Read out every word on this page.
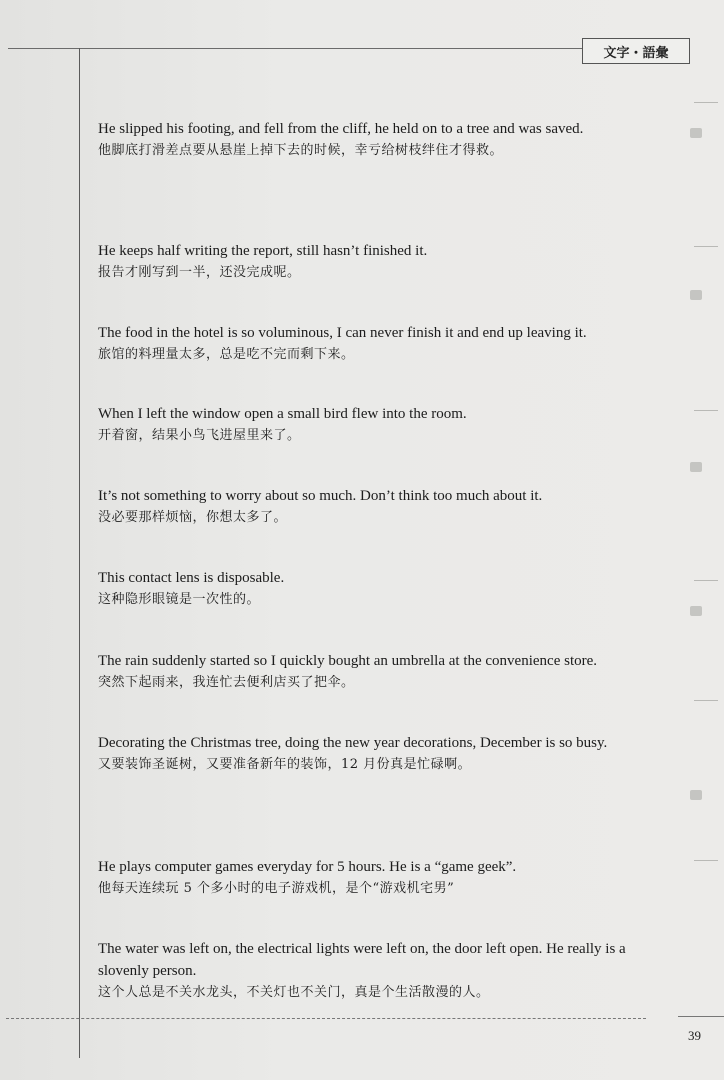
文字・語彙

He slipped his footing, and fell from the cliff, he held on to a tree and was saved.

他脚底打滑差点要从悬崖上掉下去的时候，幸亏给树枝绊住才得救。

He keeps half writing the report, still hasn’t finished it.

报告才刚写到一半，还没完成呢。

The food in the hotel is so voluminous, I can never finish it and end up leaving it.

旅馆的料理量太多，总是吃不完而剩下来。

When I left the window open a small bird flew into the room.

开着窗，结果小鸟飞进屋里来了。

It’s not something to worry about so much. Don’t think too much about it.

没必要那样烦恼，你想太多了。

This contact lens is disposable.

这种隐形眼镜是一次性的。

The rain suddenly started so I quickly bought an umbrella at the convenience store.

突然下起雨来，我连忙去便利店买了把伞。

Decorating the Christmas tree, doing the new year decorations, December is so busy.

又要装饰圣诞树，又要准备新年的装饰，12 月份真是忙碌啊。

He plays computer games everyday for 5 hours. He is a “game geek”.

他每天连续玩 5 个多小时的电子游戏机，是个“游戏机宅男”

The water was left on, the electrical lights were left on, the door left open. He really is a slovenly person.

这个人总是不关水龙头，不关灯也不关门，真是个生活散漫的人。

39
